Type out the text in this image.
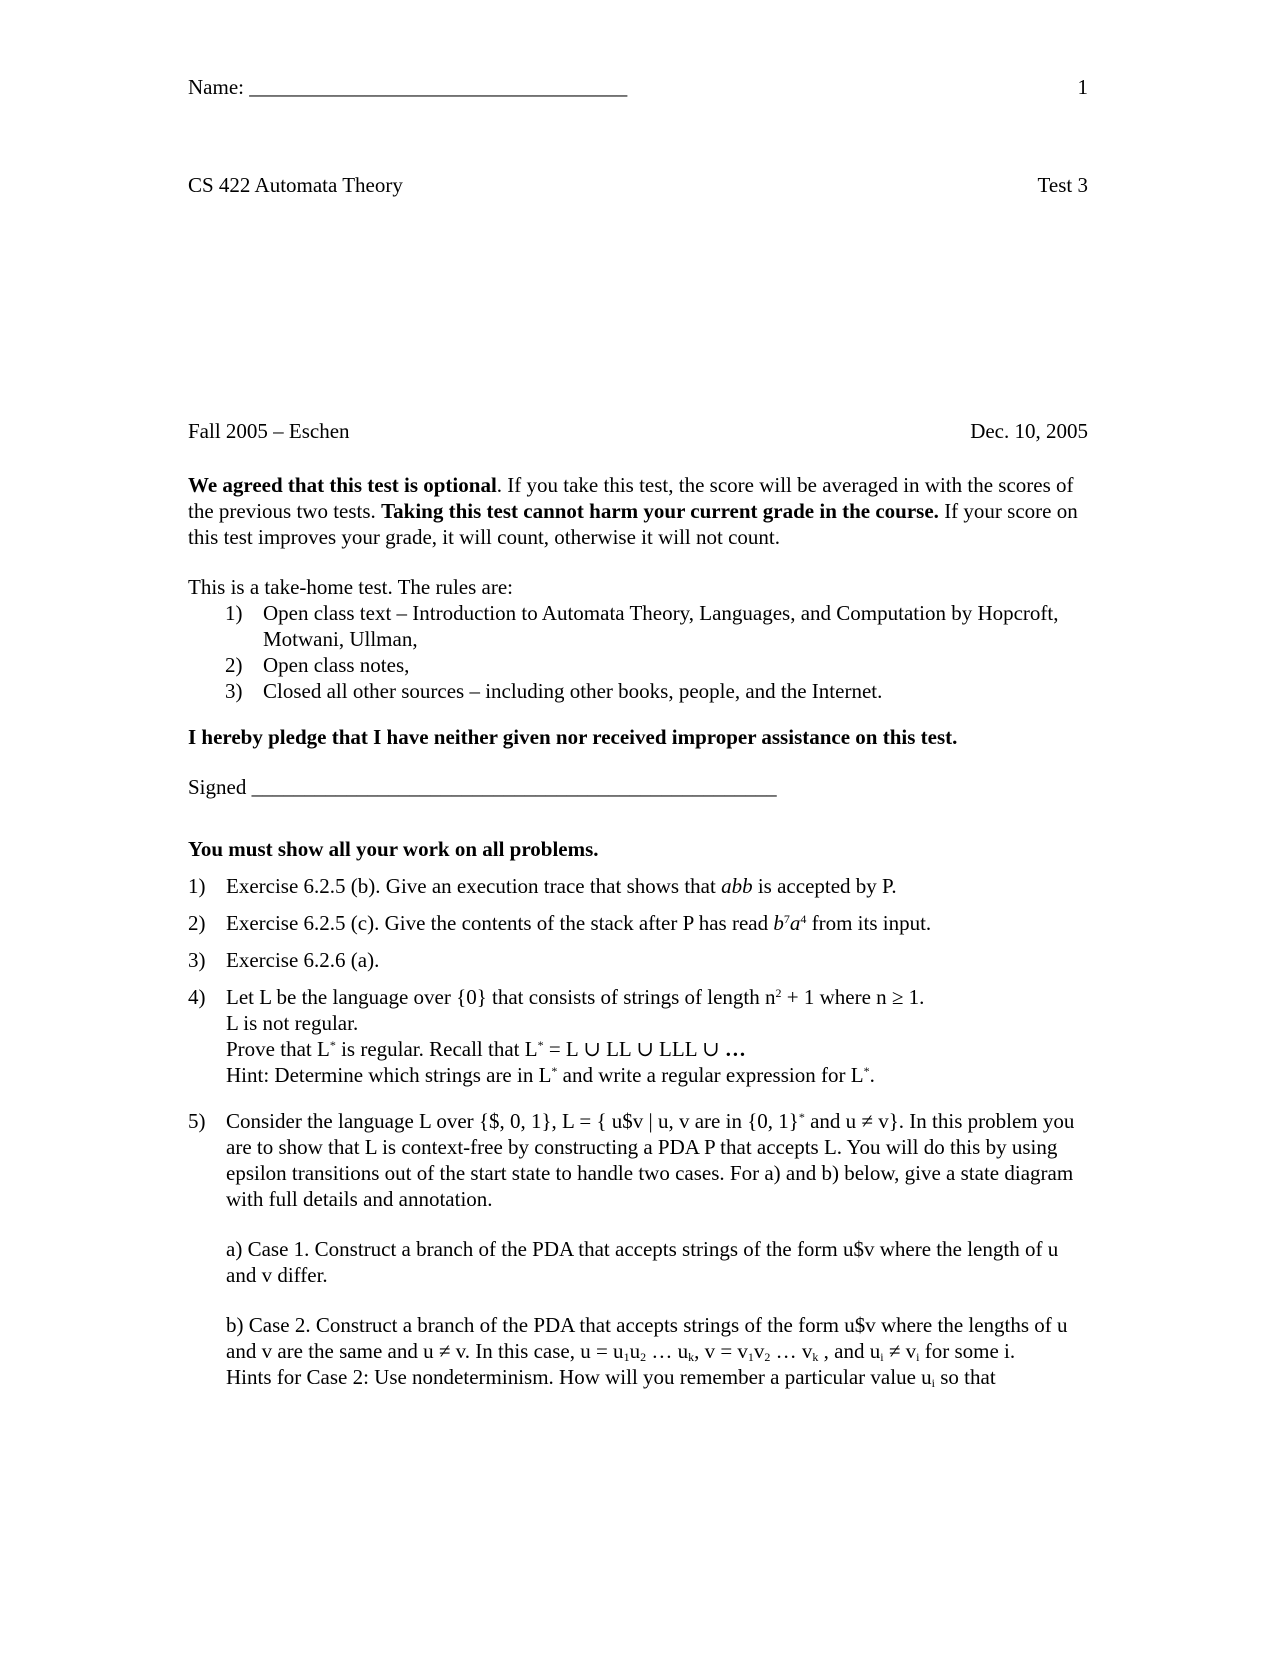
Name: ____________________________________	1
CS 422 Automata Theory	Test 3
Fall 2005 – Eschen	Dec. 10, 2005

We agreed that this test is optional. If you take this test, the score will be averaged in with the scores of the previous two tests. Taking this test cannot harm your current grade in the course. If your score on this test improves your grade, it will count, otherwise it will not count.

This is a take-home test. The rules are:

1) Open class text – Introduction to Automata Theory, Languages, and Computation by Hopcroft, Motwani, Ullman,
2) Open class notes,
3) Closed all other sources – including other books, people, and the Internet.

I hereby pledge that I have neither given nor received improper assistance on this test.

Signed __________________________________________________

You must show all your work on all problems.

1) Exercise 6.2.5 (b). Give an execution trace that shows that abb is accepted by P.
2) Exercise 6.2.5 (c). Give the contents of the stack after P has read $b^7a^4$ from its input.
3) Exercise 6.2.6 (a).
4) Let L be the language over {0} that consists of strings of length $n^2 + 1$ where n ≥ 1.

L is not regular.

Prove that L* is regular. Recall that L* = L ∪ LL ∪ LLL ∪ …

Hint: Determine which strings are in L* and write a regular expression for L*.

5) Consider the language L over {$, 0, 1}, L = { u$v | u, v are in {0, 1}* and u ≠ v}. In this problem you are to show that L is context-free by constructing a PDA P that accepts L. You will do this by using epsilon transitions out of the start state to handle two cases. For a) and b) below, give a state diagram with full details and annotation.

a) Case 1. Construct a branch of the PDA that accepts strings of the form u$v where the length of u and v differ.

b) Case 2. Construct a branch of the PDA that accepts strings of the form u$v where the lengths of u and v are the same and u ≠ v. In this case, $u = u_1u_2$ … $u_k$, $v = v_1v_2$ … $v_k$ , and $u_i \ne v_i$ for some i.

Hints for Case 2: Use nondeterminism. How will you remember a particular value $u_i$ so that
